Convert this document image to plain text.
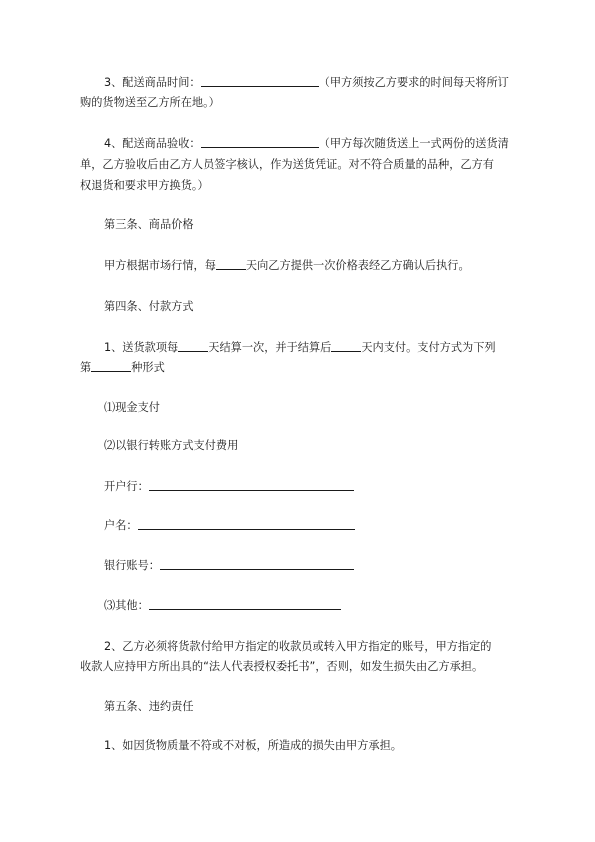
3、配送商品时间：	（甲方须按乙方要求的时间每天将所订
购的货物送至乙方所在地。）
4、配送商品验收：	（甲方每次随货送上一式两份的送货清
单，乙方验收后由乙方人员签字核认，作为送货凭证。对不符合质量的品种，乙方有
权退货和要求甲方换货。）
第三条、商品价格
甲方根据市场行情，每	天向乙方提供一次价格表经乙方确认后执行。
第四条、付款方式
1、送货款项每	天结算一次，并于结算后	天内支付。支付方式为下列
第	种形式
⑴现金支付
⑵以银行转账方式支付费用
开户行：
户名：
银行账号：
⑶其他：
2、乙方必须将货款付给甲方指定的收款员或转入甲方指定的账号，甲方指定的
收款人应持甲方所出具的“法人代表授权委托书”，否则，如发生损失由乙方承担。
第五条、违约责任
1、如因货物质量不符或不对板，所造成的损失由甲方承担。
